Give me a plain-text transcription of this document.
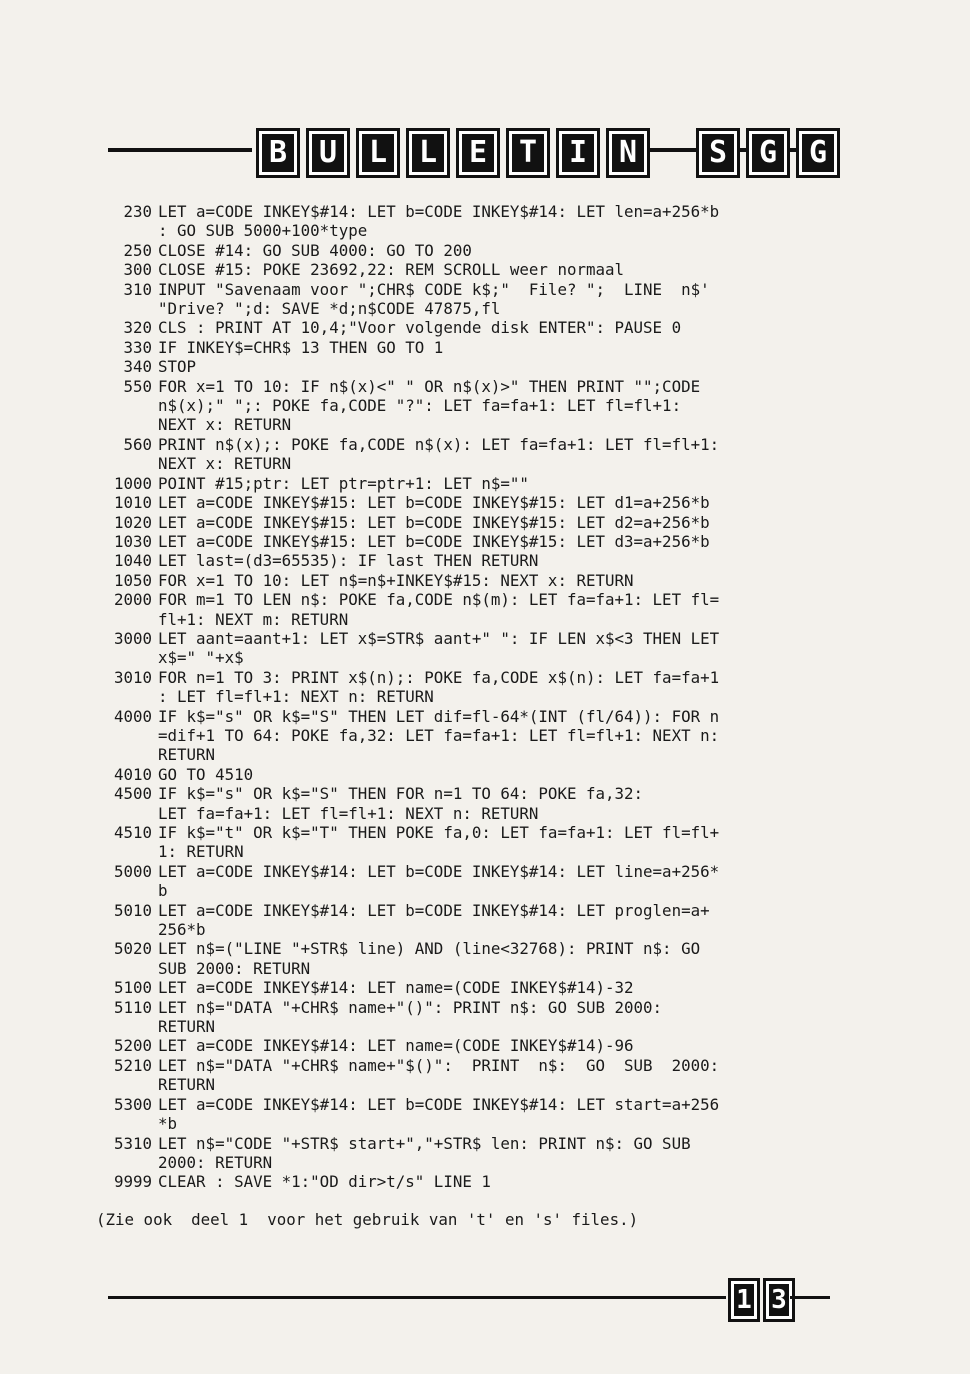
B	U	L	L	E	T	I	N	S	G	G
230 LET a=CODE INKEY$#14: LET b=CODE INKEY$#14: LET len=a+256*b
: GO SUB 5000+100*type
250 CLOSE #14: GO SUB 4000: GO TO 200
300 CLOSE #15: POKE 23692,22: REM SCROLL weer normaal
310 INPUT "Savenaam voor ";CHR$ CODE k$;"  File? ";  LINE  n$'
"Drive? ";d: SAVE *d;n$CODE 47875,fl
320 CLS : PRINT AT 10,4;"Voor volgende disk ENTER": PAUSE 0
330 IF INKEY$=CHR$ 13 THEN GO TO 1
340 STOP
550 FOR x=1 TO 10: IF n$(x)<" " OR n$(x)>" THEN PRINT "";CODE
n$(x);" ";: POKE fa,CODE "?": LET fa=fa+1: LET fl=fl+1:
NEXT x: RETURN
560 PRINT n$(x);: POKE fa,CODE n$(x): LET fa=fa+1: LET fl=fl+1:
NEXT x: RETURN
1000 POINT #15;ptr: LET ptr=ptr+1: LET n$=""
1010 LET a=CODE INKEY$#15: LET b=CODE INKEY$#15: LET d1=a+256*b
1020 LET a=CODE INKEY$#15: LET b=CODE INKEY$#15: LET d2=a+256*b
1030 LET a=CODE INKEY$#15: LET b=CODE INKEY$#15: LET d3=a+256*b
1040 LET last=(d3=65535): IF last THEN RETURN
1050 FOR x=1 TO 10: LET n$=n$+INKEY$#15: NEXT x: RETURN
2000 FOR m=1 TO LEN n$: POKE fa,CODE n$(m): LET fa=fa+1: LET fl=
fl+1: NEXT m: RETURN
3000 LET aant=aant+1: LET x$=STR$ aant+" ": IF LEN x$<3 THEN LET
x$=" "+x$
3010 FOR n=1 TO 3: PRINT x$(n);: POKE fa,CODE x$(n): LET fa=fa+1
: LET fl=fl+1: NEXT n: RETURN
4000 IF k$="s" OR k$="S" THEN LET dif=fl-64*(INT (fl/64)): FOR n
=dif+1 TO 64: POKE fa,32: LET fa=fa+1: LET fl=fl+1: NEXT n:
RETURN
4010 GO TO 4510
4500 IF k$="s" OR k$="S" THEN FOR n=1 TO 64: POKE fa,32:
LET fa=fa+1: LET fl=fl+1: NEXT n: RETURN
4510 IF k$="t" OR k$="T" THEN POKE fa,0: LET fa=fa+1: LET fl=fl+
1: RETURN
5000 LET a=CODE INKEY$#14: LET b=CODE INKEY$#14: LET line=a+256*
b
5010 LET a=CODE INKEY$#14: LET b=CODE INKEY$#14: LET proglen=a+
256*b
5020 LET n$=("LINE "+STR$ line) AND (line<32768): PRINT n$: GO
SUB 2000: RETURN
5100 LET a=CODE INKEY$#14: LET name=(CODE INKEY$#14)-32
5110 LET n$="DATA "+CHR$ name+"()": PRINT n$: GO SUB 2000:
RETURN
5200 LET a=CODE INKEY$#14: LET name=(CODE INKEY$#14)-96
5210 LET n$="DATA "+CHR$ name+"$()":  PRINT  n$:  GO  SUB  2000:
RETURN
5300 LET a=CODE INKEY$#14: LET b=CODE INKEY$#14: LET start=a+256
*b
5310 LET n$="CODE "+STR$ start+","+STR$ len: PRINT n$: GO SUB
2000: RETURN
9999 CLEAR : SAVE *1:"OD dir>t/s" LINE 1
(Zie ook  deel 1  voor het gebruik van 't' en 's' files.)
1 3
